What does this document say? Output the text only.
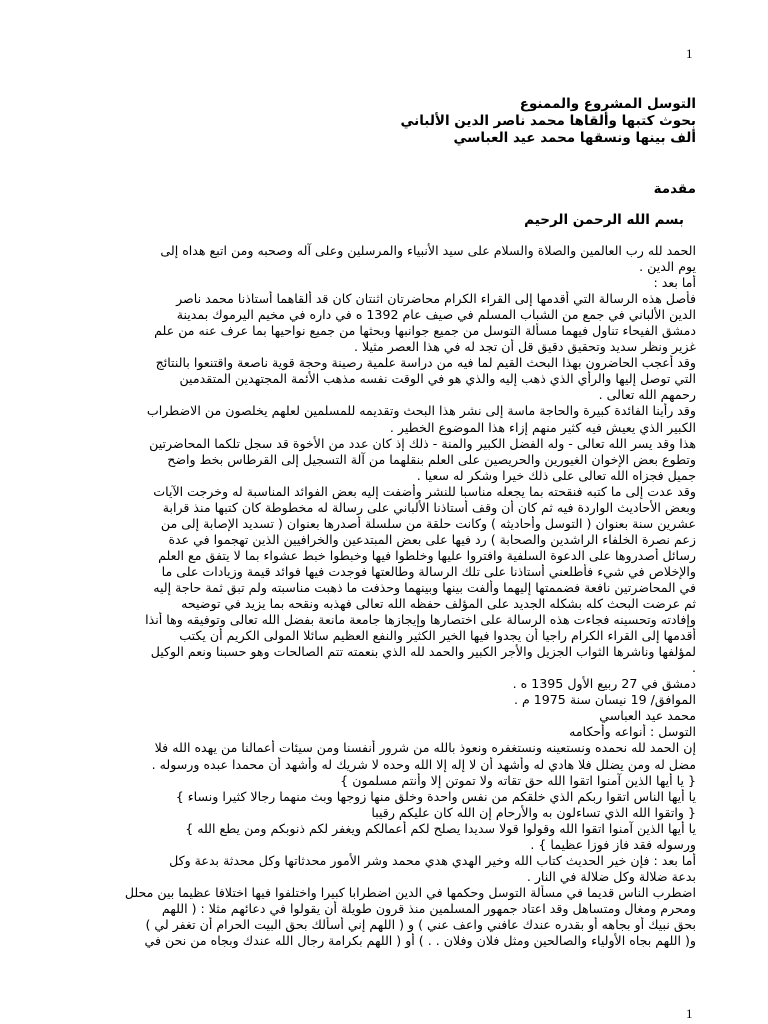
1

التوسل المشروع والممنوع

بحوث كتبها وألقاها محمد ناصر الدين الألباني

ألف بينها ونسقها محمد عيد العباسي

مقدمة

بسم الله الرحمن الرحيم

الحمد لله رب العالمين والصلاة والسلام على سيد الأنبياء والمرسلين وعلى آله وصحبه ومن اتبع هداه إلى

يوم الدين .

أما بعد :

فأصل هذه الرسالة التي أقدمها إلى القراء الكرام محاضرتان اثنتان كان قد ألقاهما أستاذنا محمد ناصر

الدين الألباني في جمع من الشباب المسلم في صيف عام 1392 ه في داره في مخيم اليرموك بمدينة

دمشق الفيحاء تناول فيهما مسألة التوسل من جميع جوانبها وبحثها من جميع نواحيها بما عرف عنه من علم

غزير ونظر سديد وتحقيق دقيق قل أن تجد له في هذا العصر مثيلا .

وقد أعجب الحاضرون بهذا البحث القيم لما فيه من دراسة علمية رصينة وحجة قوية ناصعة واقتنعوا بالنتائج

التي توصل إليها والرأي الذي ذهب إليه والذي هو في الوقت نفسه مذهب الأئمة المجتهدين المتقدمين

رحمهم الله تعالى .

وقد رأينا الفائدة كبيرة والحاجة ماسة إلى نشر هذا البحث وتقديمه للمسلمين لعلهم يخلصون من الاضطراب

الكبير الذي يعيش فيه كثير منهم إزاء هذا الموضوع الخطير .

هذا وقد يسر الله تعالى - وله الفضل الكبير والمنة - ذلك إذ كان عدد من الأخوة قد سجل تلكما المحاضرتين

وتطوع بعض الإخوان الغيورين والحريصين على العلم بنقلهما من آلة التسجيل إلى القرطاس بخط واضح

جميل فجزاه الله تعالى على ذلك خيرا وشكر له سعيا .

وقد عدت إلى ما كتبه فنقحته بما يجعله مناسبا للنشر وأضفت إليه بعض الفوائد المناسبة له وخرجت الآيات

وبعض الأحاديث الواردة فيه ثم كان أن وقف أستاذنا الألباني على رسالة له مخطوطة كان كتبها منذ قرابة

عشرين سنة بعنوان ( التوسل وأحاديثه ) وكانت حلقة من سلسلة أصدرها بعنوان ( تسديد الإصابة إلى من

زعم نصرة الخلفاء الراشدين والصحابة ) رد فيها على بعض المبتدعين والخرافيين الذين تهجموا في عدة

رسائل أصدروها على الدعوة السلفية وافتروا عليها وخلطوا فيها وخبطوا خبط عشواء بما لا يتفق مع العلم

والإخلاص في شيء فأطلعني أستاذنا على تلك الرسالة وطالعتها فوجدت فيها فوائد قيمة وزيادات على ما

في المحاضرتين نافعة فضممتها إليهما وألفت بينها وبينهما وحذفت ما ذهبت مناسبته ولم تبق ثمة حاجة إليه

ثم عرضت البحث كله بشكله الجديد على المؤلف حفظه الله تعالى فهذبه ونقحه بما يزيد في توضيحه

وإفادته وتحسينه فجاءت هذه الرسالة على اختصارها وإيجازها جامعة مانعة بفضل الله تعالى وتوفيقه وها أنذا

أقدمها إلى القراء الكرام راجيا أن يجدوا فيها الخير الكثير والنفع العظيم سائلا المولى الكريم أن يكتب

لمؤلفها وناشرها الثواب الجزيل والأجر الكبير والحمد لله الذي بنعمته تتم الصالحات وهو حسبنا ونعم الوكيل

.

دمشق في 27 ربيع الأول 1395 ه .

الموافق/ 19 نيسان سنة 1975 م .

محمد عيد العباسي

التوسل : أنواعه وأحكامه

إن الحمد لله نحمده ونستعينه ونستغفره ونعوذ بالله من شرور أنفسنا ومن سيئات أعمالنا من يهده الله فلا

مضل له ومن يضلل فلا هادي له وأشهد أن لا إله إلا الله وحده لا شريك له وأشهد أن محمدا عبده ورسوله .

{ يا أيها الذين آمنوا اتقوا الله حق تقاته ولا تموتن إلا وأنتم مسلمون }

يا أيها الناس اتقوا ربكم الذي خلقكم من نفس واحدة وخلق منها زوجها وبث منهما رجالا كثيرا ونساء }

{ واتقوا الله الذي تساءلون به والأرحام إن الله كان عليكم رقيبا

يا أيها الذين آمنوا اتقوا الله وقولوا قولا سديدا يصلح لكم أعمالكم ويغفر لكم ذنوبكم ومن يطع الله }

ورسوله فقد فاز فوزا عظيما } .

أما بعد : فإن خير الحديث كتاب الله وخير الهدي هدي محمد وشر الأمور محدثاتها وكل محدثة بدعة وكل

بدعة ضلالة وكل ضلالة في النار .

اضطرب الناس قديما في مسألة التوسل وحكمها في الدين اضطرابا كبيرا واختلفوا فيها اختلافا عظيما بين محلل

ومحرم ومغال ومتساهل وقد اعتاد جمهور المسلمين منذ قرون طويلة أن يقولوا في دعائهم مثلا : ( اللهم

بحق نبيك أو بجاهه أو بقدره عندك عافني واعف عني ) و ( اللهم إني أسألك بحق البيت الحرام أن تغفر لي )

و( اللهم بجاه الأولياء والصالحين ومثل فلان وفلان . . ) أو ( اللهم بكرامة رجال الله عندك وبجاه من نحن في

1
